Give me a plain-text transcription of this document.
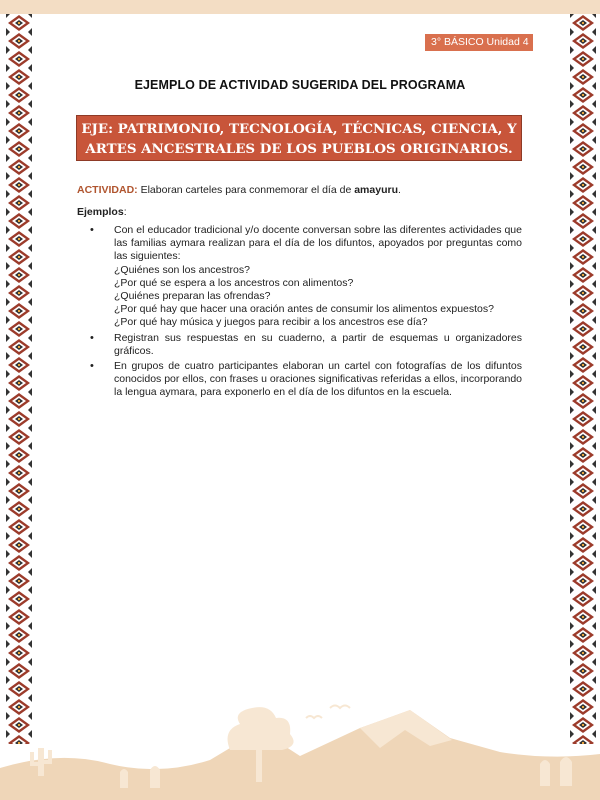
3° BÁSICO Unidad 4
EJEMPLO DE ACTIVIDAD SUGERIDA DEL PROGRAMA
EJE: PATRIMONIO, TECNOLOGÍA, TÉCNICAS, CIENCIA, Y
ARTES ANCESTRALES DE LOS PUEBLOS ORIGINARIOS.
ACTIVIDAD: Elaboran carteles para conmemorar el día de amayuru.
Ejemplos:
•	Con el educador tradicional y/o docente conversan sobre las diferentes actividades que las familias aymara realizan para el día de los difuntos, apoyados por preguntas como las siguientes:
¿Quiénes son los ancestros?
¿Por qué se espera a los ancestros con alimentos?
¿Quiénes preparan las ofrendas?
¿Por qué hay que hacer una oración antes de consumir los alimentos expuestos?
¿Por qué hay música y juegos para recibir a los ancestros ese día?
•	Registran sus respuestas en su cuaderno, a partir de esquemas u organizadores gráficos.
•	En grupos de cuatro participantes elaboran un cartel con fotografías de los difuntos conocidos por ellos, con frases u oraciones significativas referidas a ellos, incorporando la lengua aymara, para exponerlo en el día de los difuntos en la escuela.
